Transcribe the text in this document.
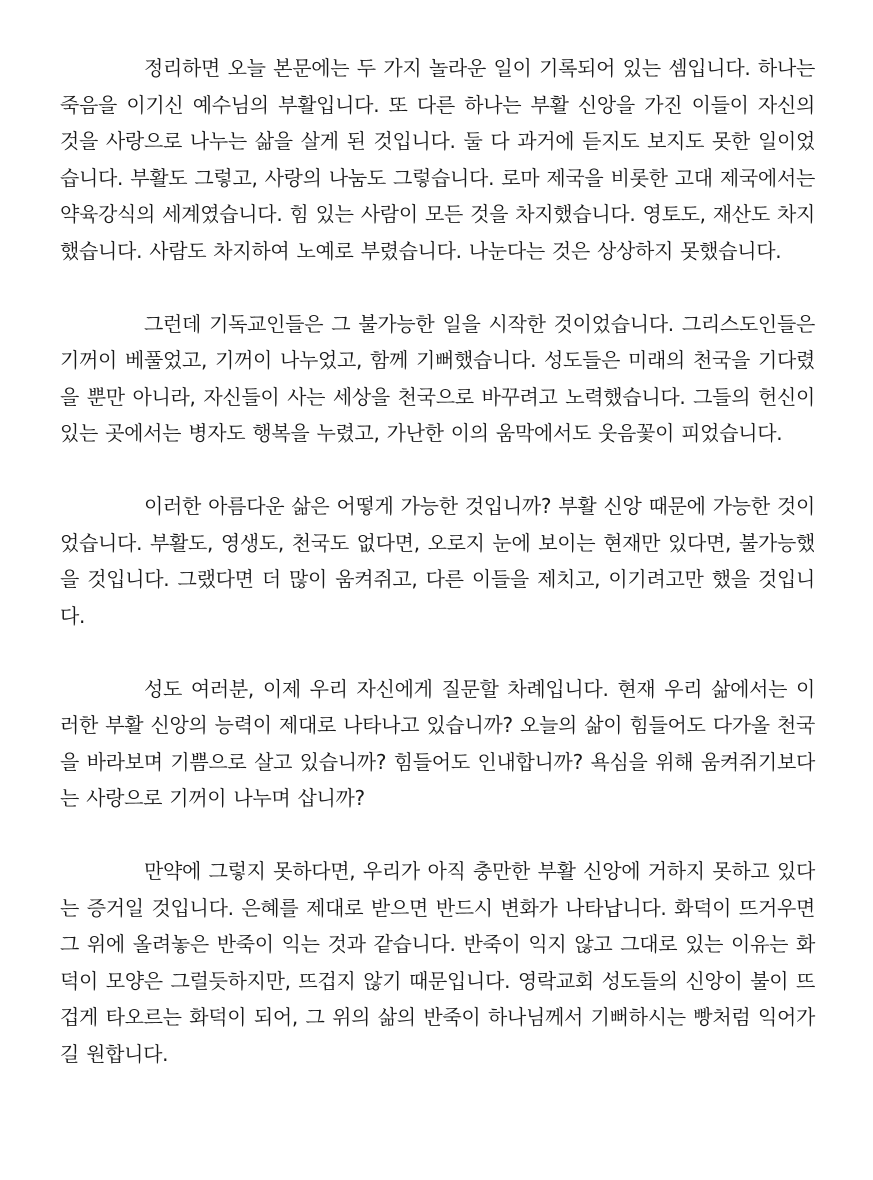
정리하면 오늘 본문에는 두 가지 놀라운 일이 기록되어 있는 셈입니다. 하나는 죽음을 이기신 예수님의 부활입니다. 또 다른 하나는 부활 신앙을 가진 이들이 자신의 것을 사랑으로 나누는 삶을 살게 된 것입니다. 둘 다 과거에 듣지도 보지도 못한 일이었습니다. 부활도 그렇고, 사랑의 나눔도 그렇습니다. 로마 제국을 비롯한 고대 제국에서는 약육강식의 세계였습니다. 힘 있는 사람이 모든 것을 차지했습니다. 영토도, 재산도 차지했습니다. 사람도 차지하여 노예로 부렸습니다. 나눈다는 것은 상상하지 못했습니다.

그런데 기독교인들은 그 불가능한 일을 시작한 것이었습니다. 그리스도인들은 기꺼이 베풀었고, 기꺼이 나누었고, 함께 기뻐했습니다. 성도들은 미래의 천국을 기다렸을 뿐만 아니라, 자신들이 사는 세상을 천국으로 바꾸려고 노력했습니다. 그들의 헌신이 있는 곳에서는 병자도 행복을 누렸고, 가난한 이의 움막에서도 웃음꽃이 피었습니다.

이러한 아름다운 삶은 어떻게 가능한 것입니까? 부활 신앙 때문에 가능한 것이었습니다. 부활도, 영생도, 천국도 없다면, 오로지 눈에 보이는 현재만 있다면, 불가능했을 것입니다. 그랬다면 더 많이 움켜쥐고, 다른 이들을 제치고, 이기려고만 했을 것입니다.

성도 여러분, 이제 우리 자신에게 질문할 차례입니다. 현재 우리 삶에서는 이러한 부활 신앙의 능력이 제대로 나타나고 있습니까? 오늘의 삶이 힘들어도 다가올 천국을 바라보며 기쁨으로 살고 있습니까? 힘들어도 인내합니까? 욕심을 위해 움켜쥐기보다는 사랑으로 기꺼이 나누며 삽니까?

만약에 그렇지 못하다면, 우리가 아직 충만한 부활 신앙에 거하지 못하고 있다는 증거일 것입니다. 은혜를 제대로 받으면 반드시 변화가 나타납니다. 화덕이 뜨거우면 그 위에 올려놓은 반죽이 익는 것과 같습니다. 반죽이 익지 않고 그대로 있는 이유는 화덕이 모양은 그럴듯하지만, 뜨겁지 않기 때문입니다. 영락교회 성도들의 신앙이 불이 뜨겁게 타오르는 화덕이 되어, 그 위의 삶의 반죽이 하나님께서 기뻐하시는 빵처럼 익어가길 원합니다.
